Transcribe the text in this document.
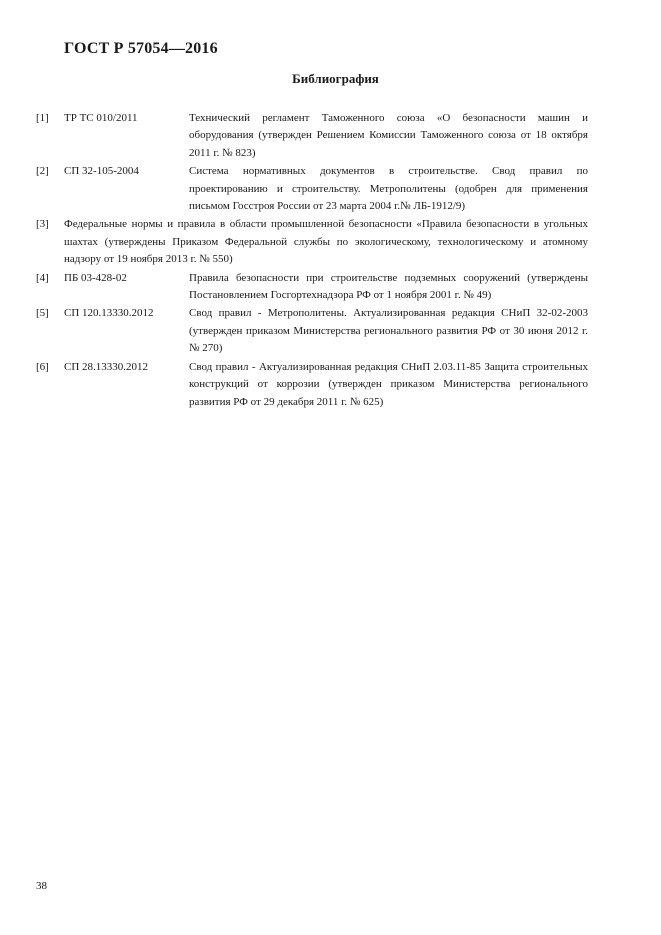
ГОСТ Р 57054—2016
Библиография
[1] ТР ТС 010/2011	Технический регламент Таможенного союза «О безопасности машин и оборудования (утвержден Решением Комиссии Таможенного союза от 18 октября 2011 г. № 823)
[2] СП 32-105-2004	Система нормативных документов в строительстве. Свод правил по проектированию и строительству. Метрополитены (одобрен для применения письмом Госстроя России от 23 марта 2004 г.№ ЛБ-1912/9)
[3] Федеральные нормы и правила в области промышленной безопасности «Правила безопасности в угольных шахтах (утверждены Приказом Федеральной службы по экологическому, технологическому и атомному надзору от 19 ноября 2013 г. № 550)
[4] ПБ 03-428-02	Правила безопасности при строительстве подземных сооружений (утверждены Постановлением Госгортехнадзора РФ от 1 ноября 2001 г. № 49)
[5] СП 120.13330.2012	Свод правил - Метрополитены. Актуализированная редакция СНиП 32-02-2003 (утвержден приказом Министерства регионального развития РФ от 30 июня 2012 г. № 270)
[6] СП 28.13330.2012	Свод правил - Актуализированная редакция СНиП 2.03.11-85 Защита строительных конструкций от коррозии (утвержден приказом Министерства регионального развития РФ от 29 декабря 2011 г. № 625)
38
